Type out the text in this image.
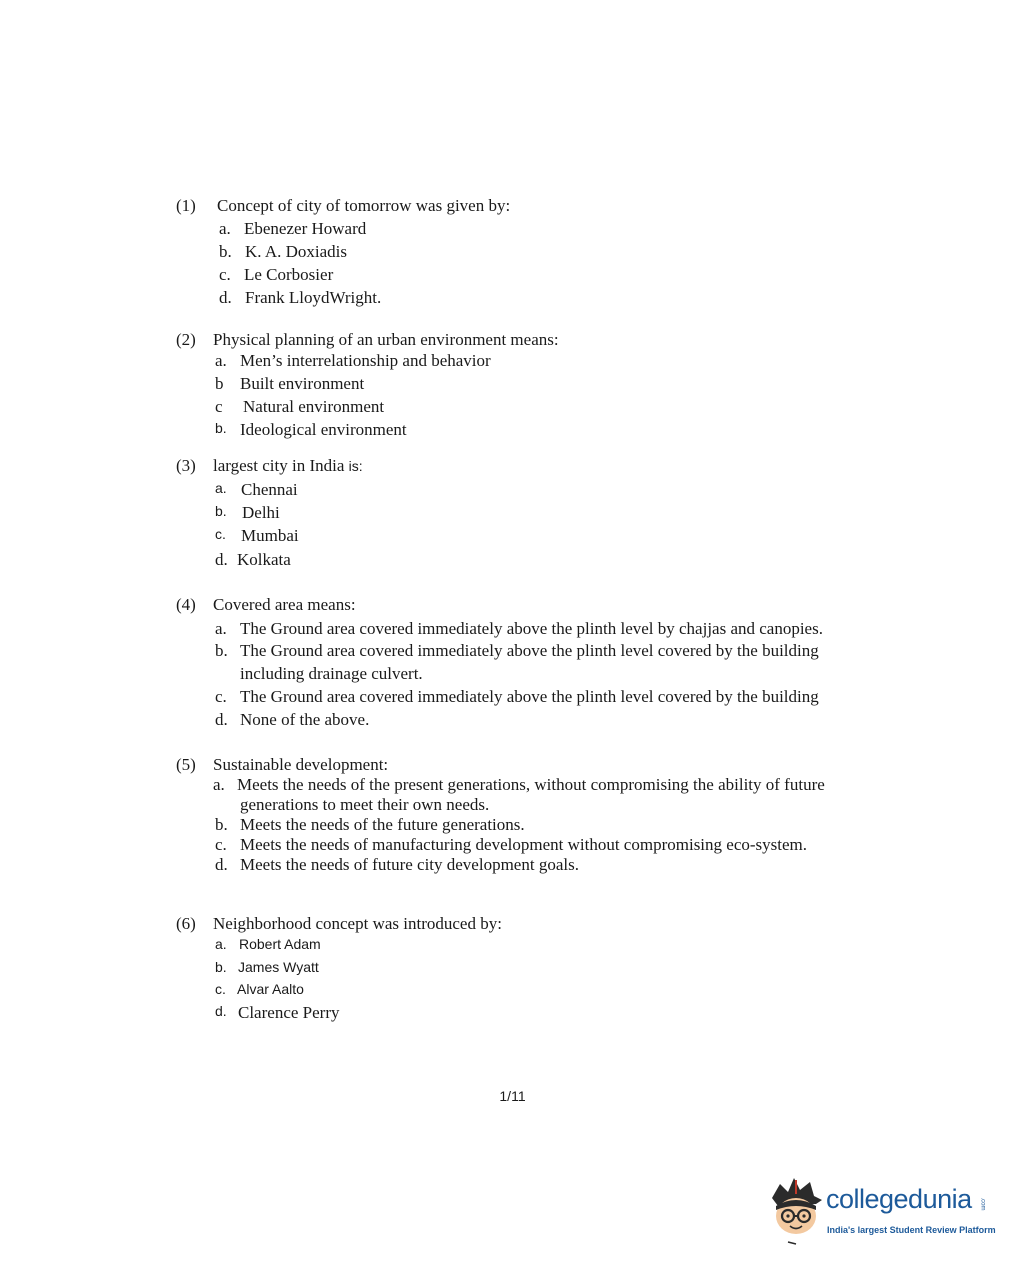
(1) Concept of city of tomorrow was given by:
a. Ebenezer Howard
b. K. A. Doxiadis
c. Le Corbosier
d. Frank LloydWright.
(2) Physical planning of an urban environment means:
a. Men’s interrelationship and behavior
b Built environment
c Natural environment
b. Ideological environment
(3) largest city in India is:
a. Chennai
b. Delhi
c. Mumbai
d. Kolkata
(4) Covered area means:
a. The Ground area covered immediately above the plinth level by chajjas and canopies.
b. The Ground area covered immediately above the plinth level covered by the building
including drainage culvert.
c. The Ground area covered immediately above the plinth level covered by the building
d. None of the above.
(5) Sustainable development:
a. Meets the needs of the present generations, without compromising the ability of future
generations to meet their own needs.
b. Meets the needs of the future generations.
c. Meets the needs of manufacturing development without compromising eco-system.
d. Meets the needs of future city development goals.
(6) Neighborhood concept was introduced by:
a. Robert Adam
b. James Wyatt
c. Alvar Aalto
d. Clarence Perry
1/11
collegedunia .com
India's largest Student Review Platform
